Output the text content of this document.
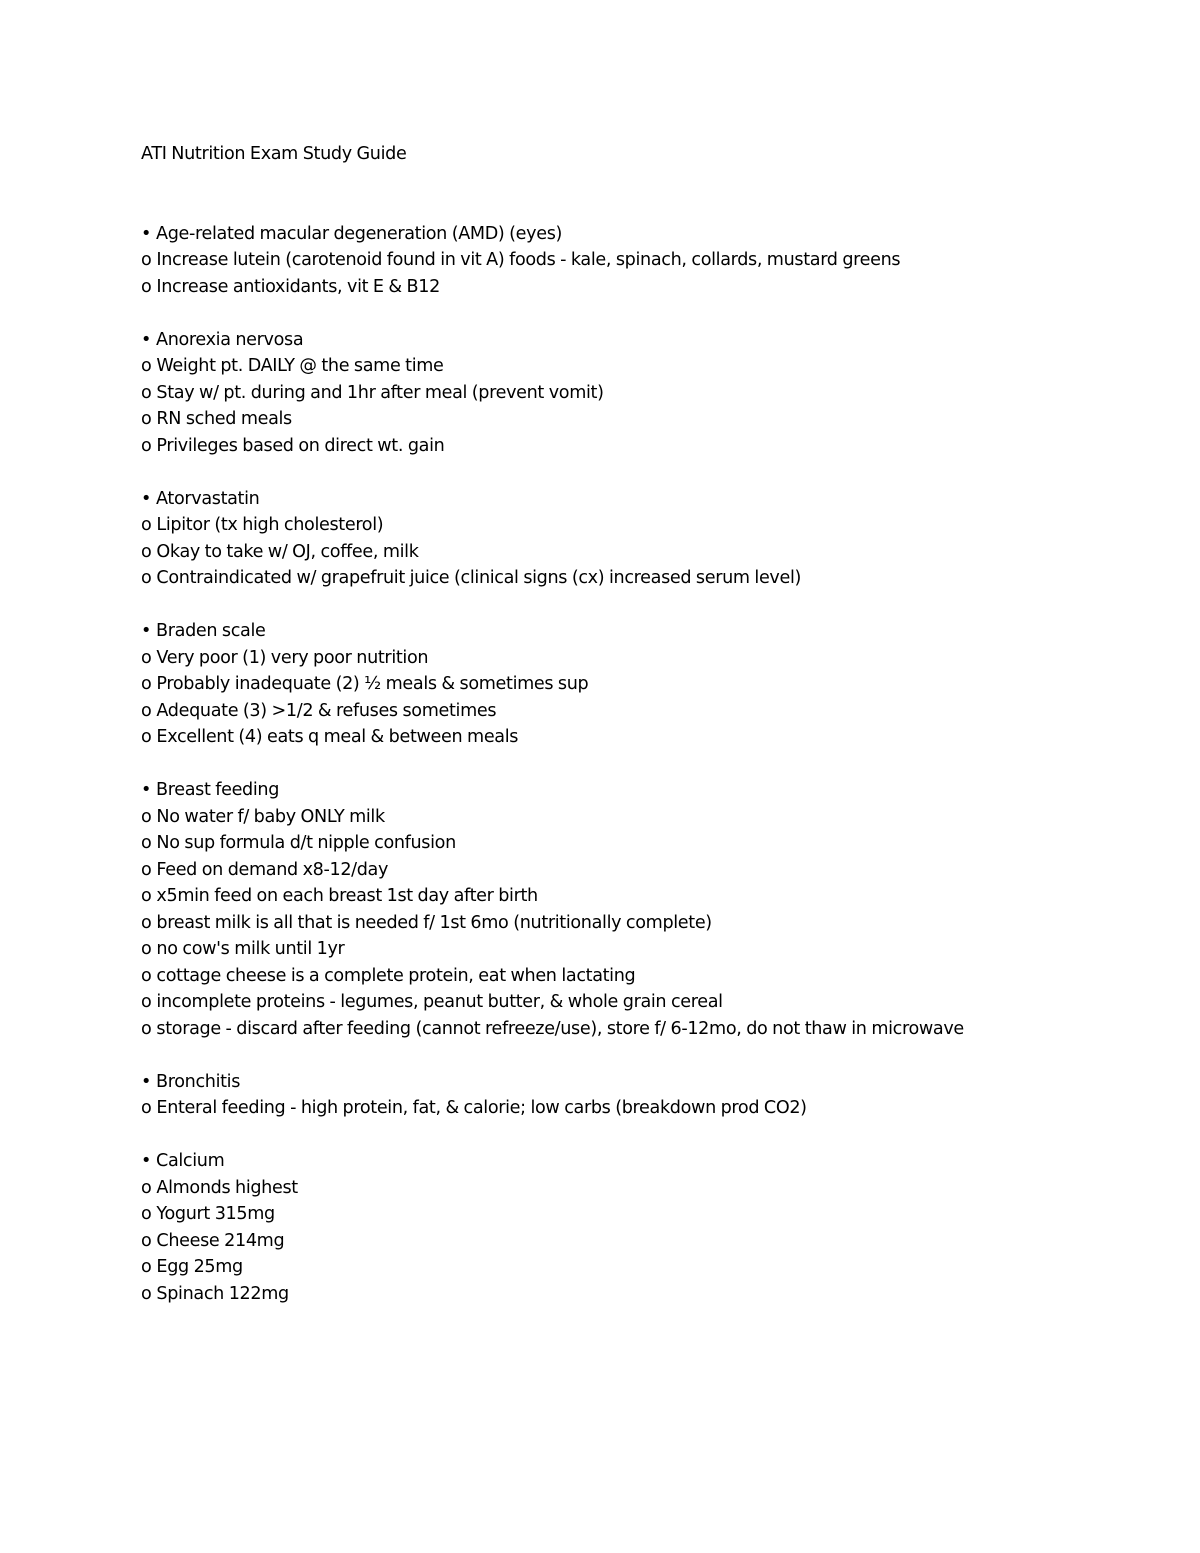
ATI Nutrition Exam Study Guide
• Age-related macular degeneration (AMD) (eyes)
o Increase lutein (carotenoid found in vit A) foods - kale, spinach, collards, mustard greens
o Increase antioxidants, vit E & B12
• Anorexia nervosa
o Weight pt. DAILY @ the same time
o Stay w/ pt. during and 1hr after meal (prevent vomit)
o RN sched meals
o Privileges based on direct wt. gain
• Atorvastatin
o Lipitor (tx high cholesterol)
o Okay to take w/ OJ, coffee, milk
o Contraindicated w/ grapefruit juice (clinical signs (cx) increased serum level)
• Braden scale
o Very poor (1) very poor nutrition
o Probably inadequate (2) ½ meals & sometimes sup
o Adequate (3) >1/2 & refuses sometimes
o Excellent (4) eats q meal & between meals
• Breast feeding
o No water f/ baby ONLY milk
o No sup formula d/t nipple confusion
o Feed on demand x8-12/day
o x5min feed on each breast 1st day after birth
o breast milk is all that is needed f/ 1st 6mo (nutritionally complete)
o no cow's milk until 1yr
o cottage cheese is a complete protein, eat when lactating
o incomplete proteins - legumes, peanut butter, & whole grain cereal
o storage - discard after feeding (cannot refreeze/use), store f/ 6-12mo, do not thaw in microwave
• Bronchitis
o Enteral feeding - high protein, fat, & calorie; low carbs (breakdown prod CO2)
• Calcium
o Almonds highest
o Yogurt 315mg
o Cheese 214mg
o Egg 25mg
o Spinach 122mg
